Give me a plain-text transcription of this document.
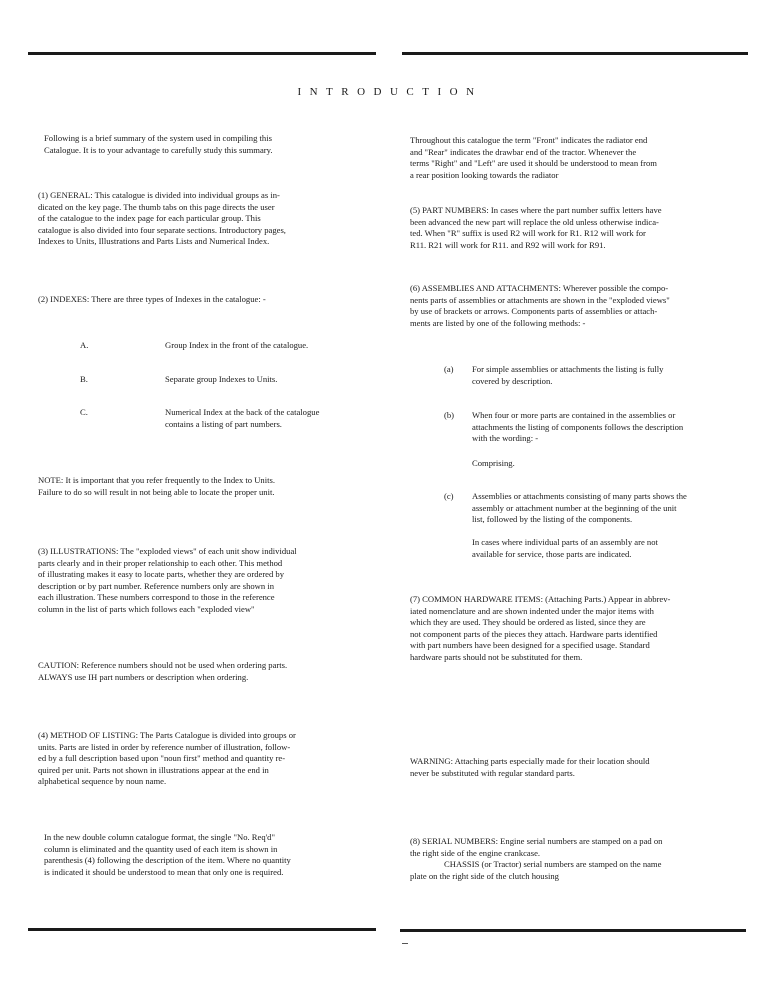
INTRODUCTION

Following is a brief summary of the system used in compiling this
Catalogue. It is to your advantage to carefully study this summary.

(1) GENERAL: This catalogue is divided into individual groups as in-
dicated on the key page. The thumb tabs on this page directs the user
of the catalogue to the index page for each particular group. This
catalogue is also divided into four separate sections. Introductory pages,
Indexes to Units, Illustrations and Parts Lists and Numerical Index.

(2) INDEXES: There are three types of Indexes in the catalogue: -

A.	Group Index in the front of the catalogue.

B.	Separate group Indexes to Units.

C.	Numerical Index at the back of the catalogue
contains a listing of part numbers.

NOTE: It is important that you refer frequently to the Index to Units.
Failure to do so will result in not being able to locate the proper unit.

(3) ILLUSTRATIONS: The "exploded views" of each unit show individual
parts clearly and in their proper relationship to each other. This method
of illustrating makes it easy to locate parts, whether they are ordered by
description or by part number. Reference numbers only are shown in
each illustration. These numbers correspond to those in the reference
column in the list of parts which follows each "exploded view"

CAUTION: Reference numbers should not be used when ordering parts.
ALWAYS use IH part numbers or description when ordering.

(4) METHOD OF LISTING: The Parts Catalogue is divided into groups or
units. Parts are listed in order by reference number of illustration, follow-
ed by a full description based upon "noun first" method and quantity re-
quired per unit. Parts not shown in illustrations appear at the end in
alphabetical sequence by noun name.

In the new double column catalogue format, the single "No. Req'd"
column is eliminated and the quantity used of each item is shown in
parenthesis (4) following the description of the item. Where no quantity
is indicated it should be understood to mean that only one is required.

Throughout this catalogue the term "Front" indicates the radiator end
and "Rear" indicates the drawbar end of the tractor. Whenever the
terms "Right" and "Left" are used it should be understood to mean from
a rear position looking towards the radiator

(5) PART NUMBERS: In cases where the part number suffix letters have
been advanced the new part will replace the old unless otherwise indica-
ted. When "R" suffix is used R2 will work for R1. R12 will work for
R11. R21 will work for R11. and R92 will work for R91.

(6) ASSEMBLIES AND ATTACHMENTS: Wherever possible the compo-
nents parts of assemblies or attachments are shown in the "exploded views"
by use of brackets or arrows. Components parts of assemblies or attach-
ments are listed by one of the following methods: -

(a) For simple assemblies or attachments the listing is fully
covered by description.

(b) When four or more parts are contained in the assemblies or
attachments the listing of components follows the description
with the wording: -

Comprising.

(c) Assemblies or attachments consisting of many parts shows the
assembly or attachment number at the beginning of the unit
list, followed by the listing of the components.

In cases where individual parts of an assembly are not
available for service, those parts are indicated.

(7) COMMON HARDWARE ITEMS: (Attaching Parts.) Appear in abbrev-
iated nomenclature and are shown indented under the major items with
which they are used. They should be ordered as listed, since they are
not component parts of the pieces they attach. Hardware parts identified
with part numbers have been designed for a specified usage. Standard
hardware parts should not be substituted for them.

WARNING: Attaching parts especially made for their location should
never be substituted with regular standard parts.

(8) SERIAL NUMBERS: Engine serial numbers are stamped on a pad on
the right side of the engine crankcase.

CHASSIS (or Tractor) serial numbers are stamped on the name
plate on the right side of the clutch housing
